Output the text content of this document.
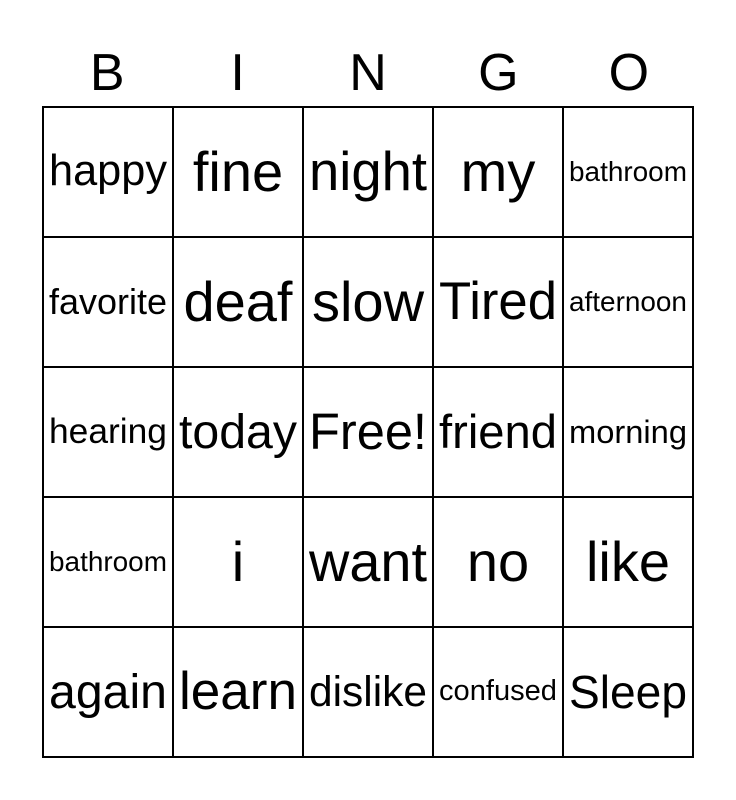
B	I	N	G	O
happy fine night my bathroom
favorite deaf slow Tired afternoon
hearing today Free! friend morning
bathroom i want no like
again learn dislike confused Sleep
